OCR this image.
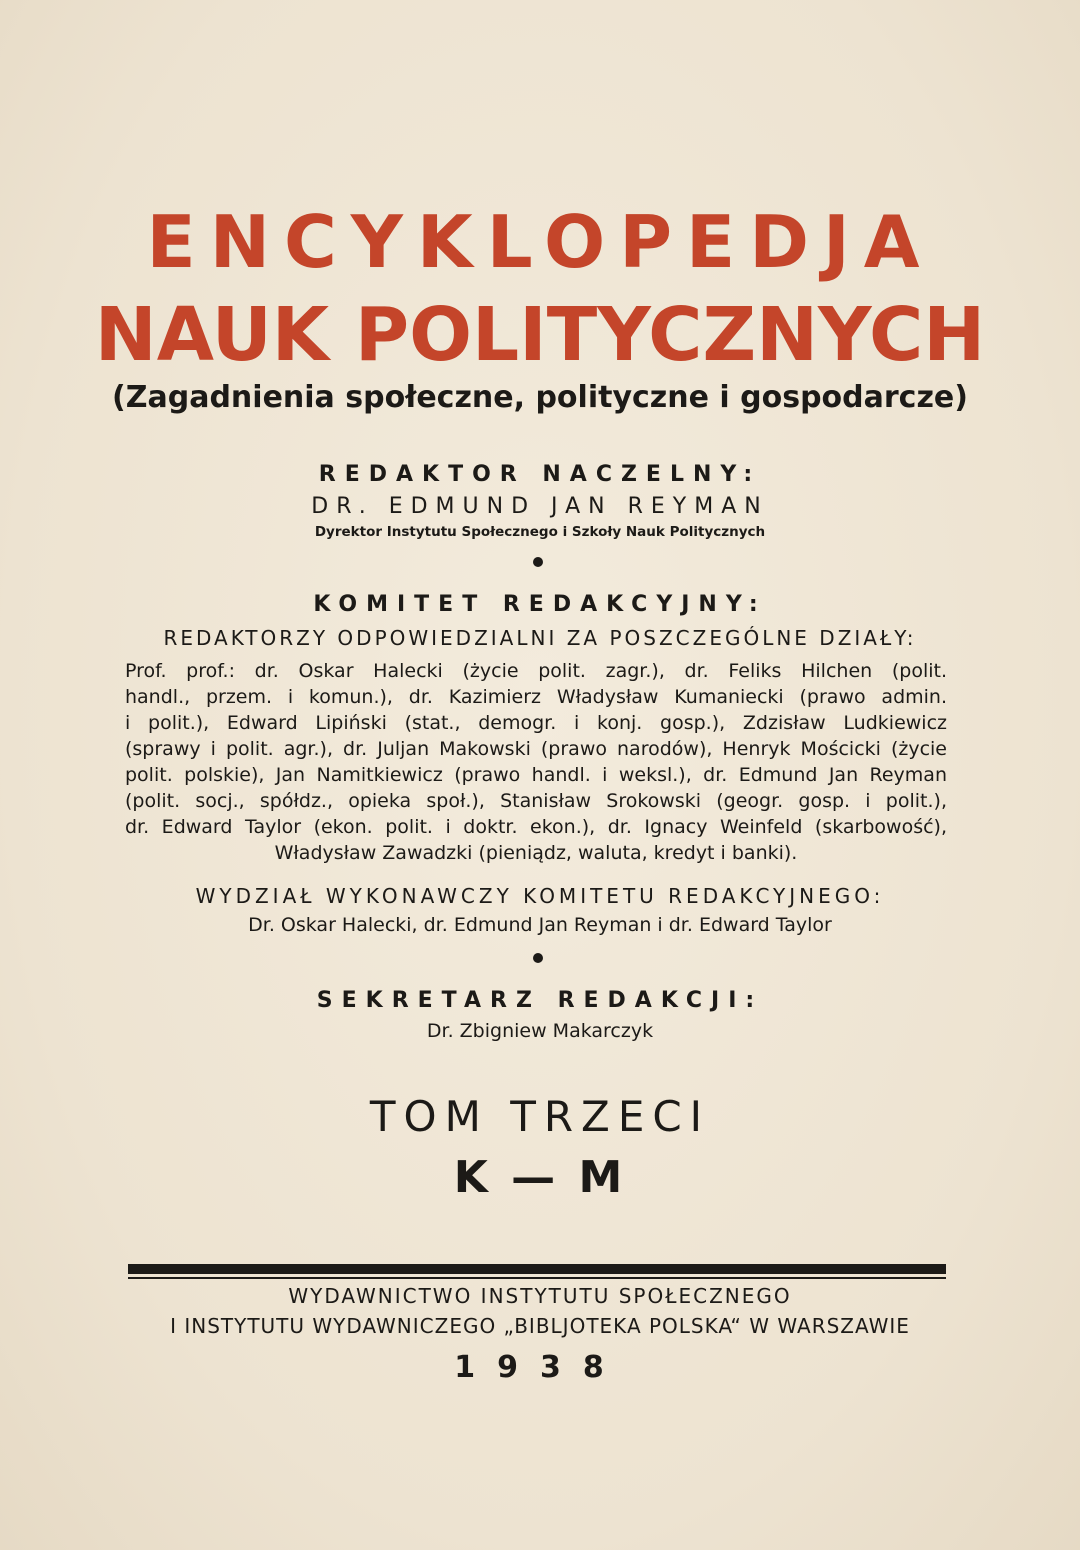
ENCYKLOPEDJA
NAUK POLITYCZNYCH
(Zagadnienia społeczne, polityczne i gospodarcze)
REDAKTOR NACZELNY:
DR. EDMUND JAN REYMAN
Dyrektor Instytutu Społecznego i Szkoły Nauk Politycznych
KOMITET REDAKCYJNY:
REDAKTORZY ODPOWIEDZIALNI ZA POSZCZEGÓLNE DZIAŁY:
Prof. prof.: dr. Oskar Halecki (życie polit. zagr.), dr. Feliks Hilchen (polit.
handl., przem. i komun.), dr. Kazimierz Władysław Kumaniecki (prawo admin.
i polit.), Edward Lipiński (stat., demogr. i konj. gosp.), Zdzisław Ludkiewicz
(sprawy i polit. agr.), dr. Juljan Makowski (prawo narodów), Henryk Mościcki (życie
polit. polskie), Jan Namitkiewicz (prawo handl. i weksl.), dr. Edmund Jan Reyman
(polit. socj., spółdz., opieka społ.), Stanisław Srokowski (geogr. gosp. i polit.),
dr. Edward Taylor (ekon. polit. i doktr. ekon.), dr. Ignacy Weinfeld (skarbowość),
Władysław Zawadzki (pieniądz, waluta, kredyt i banki).
WYDZIAŁ WYKONAWCZY KOMITETU REDAKCYJNEGO:
Dr. Oskar Halecki, dr. Edmund Jan Reyman i dr. Edward Taylor
SEKRETARZ REDAKCJI:
Dr. Zbigniew Makarczyk
TOM TRZECI
K — M
WYDAWNICTWO INSTYTUTU SPOŁECZNEGO
I INSTYTUTU WYDAWNICZEGO „BIBLJOTEKA POLSKA“ W WARSZAWIE
1938
